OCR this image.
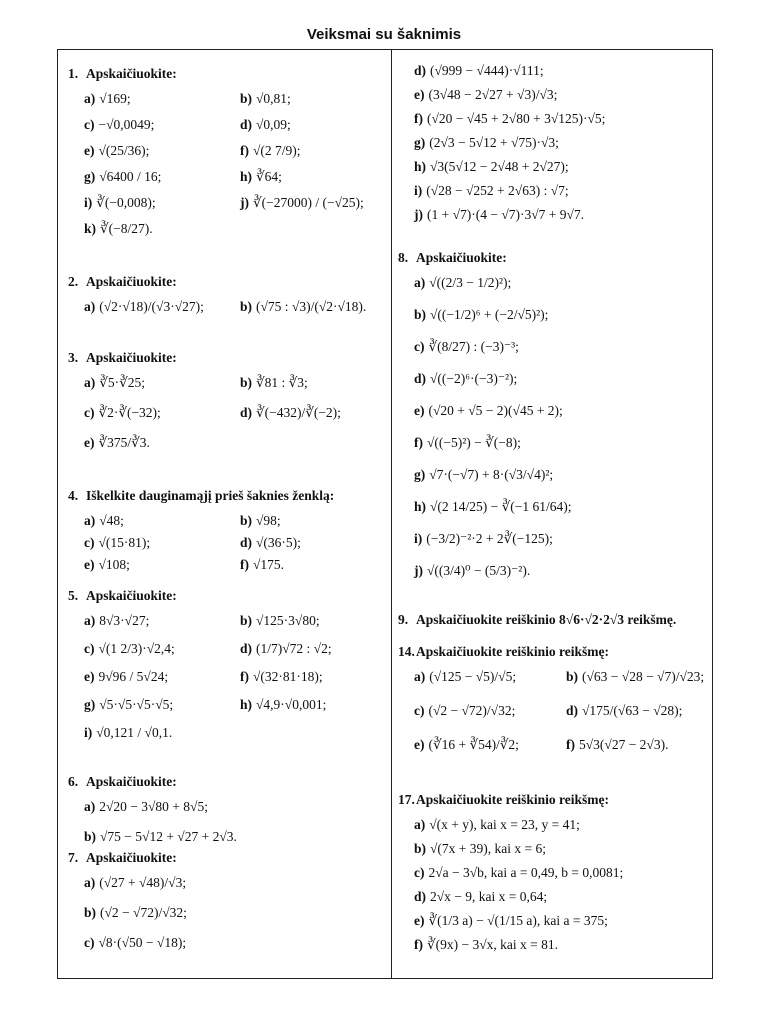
Veiksmai su šaknimis
1.Apskaičiuokite:
a) √169;	b) √0,81;
c) −√0,0049;	d) √0,09;
e) √(25/36);	f) √(2 7/9);
g) √6400 / 16;	h) ∛64;
i) ∛(−0,008);	j) ∛(−27000) / (−√25);
k) ∛(−8/27).
2.Apskaičiuokite:
a) (√2·√18)/(√3·√27);	b) (√75 : √3)/(√2·√18).
3.Apskaičiuokite:
a) ∛5·∛25;	b) ∛81 : ∛3;
c) ∛2·∛(−32);	d) ∛(−432)/∛(−2);
e) ∛375/∛3.
4.Iškelkite dauginamąjį prieš šaknies ženklą:
a) √48;	b) √98;
c) √(15·81);	d) √(36·5);
e) √108;	f) √175.
5.Apskaičiuokite:
a) 8√3·√27;	b) √125·3√80;
c) √(1 2/3)·√2,4;	d) (1/7)√72 : √2;
e) 9√96 / 5√24;	f) √(32·81·18);
g) √5·√5·√5·√5;	h) √4,9·√0,001;
i) √0,121 / √0,1.
6.Apskaičiuokite:
a) 2√20 − 3√80 + 8√5;
b) √75 − 5√12 + √27 + 2√3.
7.Apskaičiuokite:
a) (√27 + √48)/√3;
b) (√2 − √72)/√32;
c) √8·(√50 − √18);
d) (√999 − √444)·√111;
e) (3√48 − 2√27 + √3)/√3;
f) (√20 − √45 + 2√80 + 3√125)·√5;
g) (2√3 − 5√12 + √75)·√3;
h) √3(5√12 − 2√48 + 2√27);
i) (√28 − √252 + 2√63) : √7;
j) (1 + √7)·(4 − √7)·3√7 + 9√7.
8.Apskaičiuokite:
a) √((2/3 − 1/2)²);
b) √((−1/2)⁶ + (−2/√5)²);
c) ∛(8/27) : (−3)⁻³;
d) √((−2)⁶·(−3)⁻²);
e) (√20 + √5 − 2)(√45 + 2);
f) √((−5)²) − ∛(−8);
g) √7·(−√7) + 8·(√3/√4)²;
h) √(2 14/25) − ∛(−1 61/64);
i) (−3/2)⁻²·2 + 2∛(−125);
j) √((3/4)⁰ − (5/3)⁻²).
9.Apskaičiuokite reiškinio 8√6·√2·2√3 reikšmę.
14.Apskaičiuokite reiškinio reikšmę:
a) (√125 − √5)/√5;	b) (√63 − √28 − √7)/√23;
c) (√2 − √72)/√32;	d) √175/(√63 − √28);
e) (∛16 + ∛54)/∛2;	f) 5√3(√27 − 2√3).
17.Apskaičiuokite reiškinio reikšmę:
a) √(x + y), kai x = 23, y = 41;
b) √(7x + 39), kai x = 6;
c) 2√a − 3√b, kai a = 0,49, b = 0,0081;
d) 2√x − 9, kai x = 0,64;
e) ∛(1/3 a) − √(1/15 a), kai a = 375;
f) ∛(9x) − 3√x, kai x = 81.
